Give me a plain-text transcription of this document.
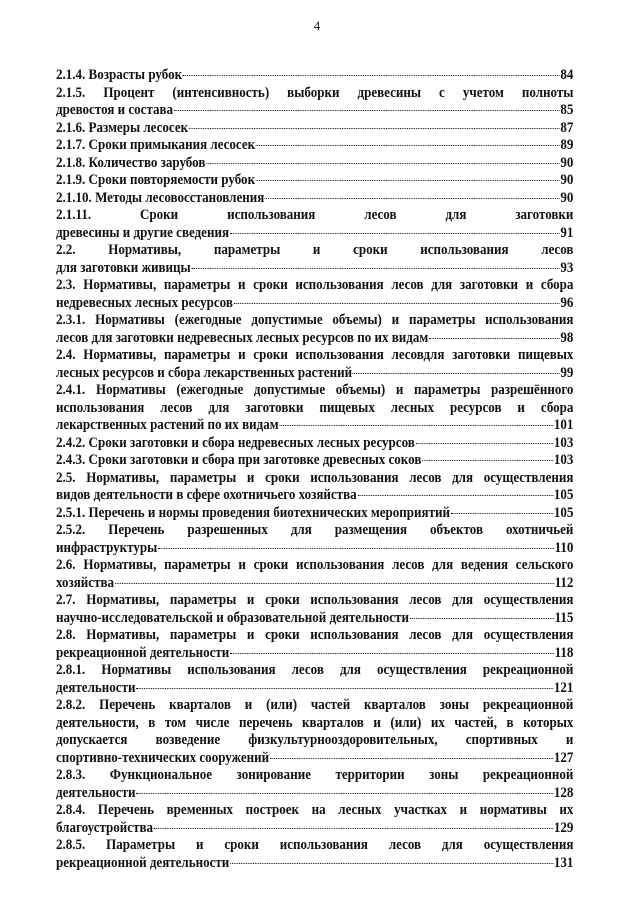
4
2.1.4. Возрасты рубок	84
2.1.5. Процент (интенсивность) выборки древесины с учетом полноты
древостоя и состава	85
2.1.6. Размеры лесосек	87
2.1.7. Сроки примыкания лесосек	89
2.1.8. Количество зарубов	90
2.1.9. Сроки повторяемости рубок	90
2.1.10. Методы лесовосстановления	90
2.1.11. Сроки использования лесов для заготовки
древесины и другие сведения	91
2.2. Нормативы, параметры и сроки использования лесов
для заготовки живицы	93
2.3. Нормативы, параметры и сроки использования лесов для заготовки и сбора
недревесных лесных ресурсов	96
2.3.1. Нормативы (ежегодные допустимые объемы) и параметры использования
лесов для заготовки недревесных лесных ресурсов по их видам	98
2.4. Нормативы, параметры и сроки использования лесовдля заготовки пищевых
лесных ресурсов и сбора лекарственных растений	99
2.4.1. Нормативы (ежегодные допустимые объемы) и параметры разрешённого
использования лесов для заготовки пищевых лесных ресурсов и сбора
лекарственных растений по их видам	101
2.4.2. Сроки заготовки и сбора недревесных лесных ресурсов	103
2.4.3. Сроки заготовки и сбора при заготовке древесных соков	103
2.5. Нормативы, параметры и сроки использования лесов для осуществления
видов деятельности в сфере охотничьего хозяйства	105
2.5.1. Перечень и нормы проведения биотехнических мероприятий	105
2.5.2. Перечень разрешенных для размещения объектов охотничьей
инфраструктуры	110
2.6. Нормативы, параметры и сроки использования лесов для ведения сельского
хозяйства	112
2.7. Нормативы, параметры и сроки использования лесов для осуществления
научно-исследовательской и образовательной деятельности	115
2.8. Нормативы, параметры и сроки использования лесов для осуществления
рекреационной деятельности	118
2.8.1. Нормативы использования лесов для осуществления рекреационной
деятельности	121
2.8.2. Перечень кварталов и (или) частей кварталов зоны рекреационной
деятельности, в том числе перечень кварталов и (или) их частей, в которых
допускается возведение физкультурнооздоровительных, спортивных и
спортивно-технических сооружений	127
2.8.3. Функциональное зонирование территории зоны рекреационной
деятельности	128
2.8.4. Перечень временных построек на лесных участках и нормативы их
благоустройства	129
2.8.5. Параметры и сроки использования лесов для осуществления
рекреационной деятельности	131
